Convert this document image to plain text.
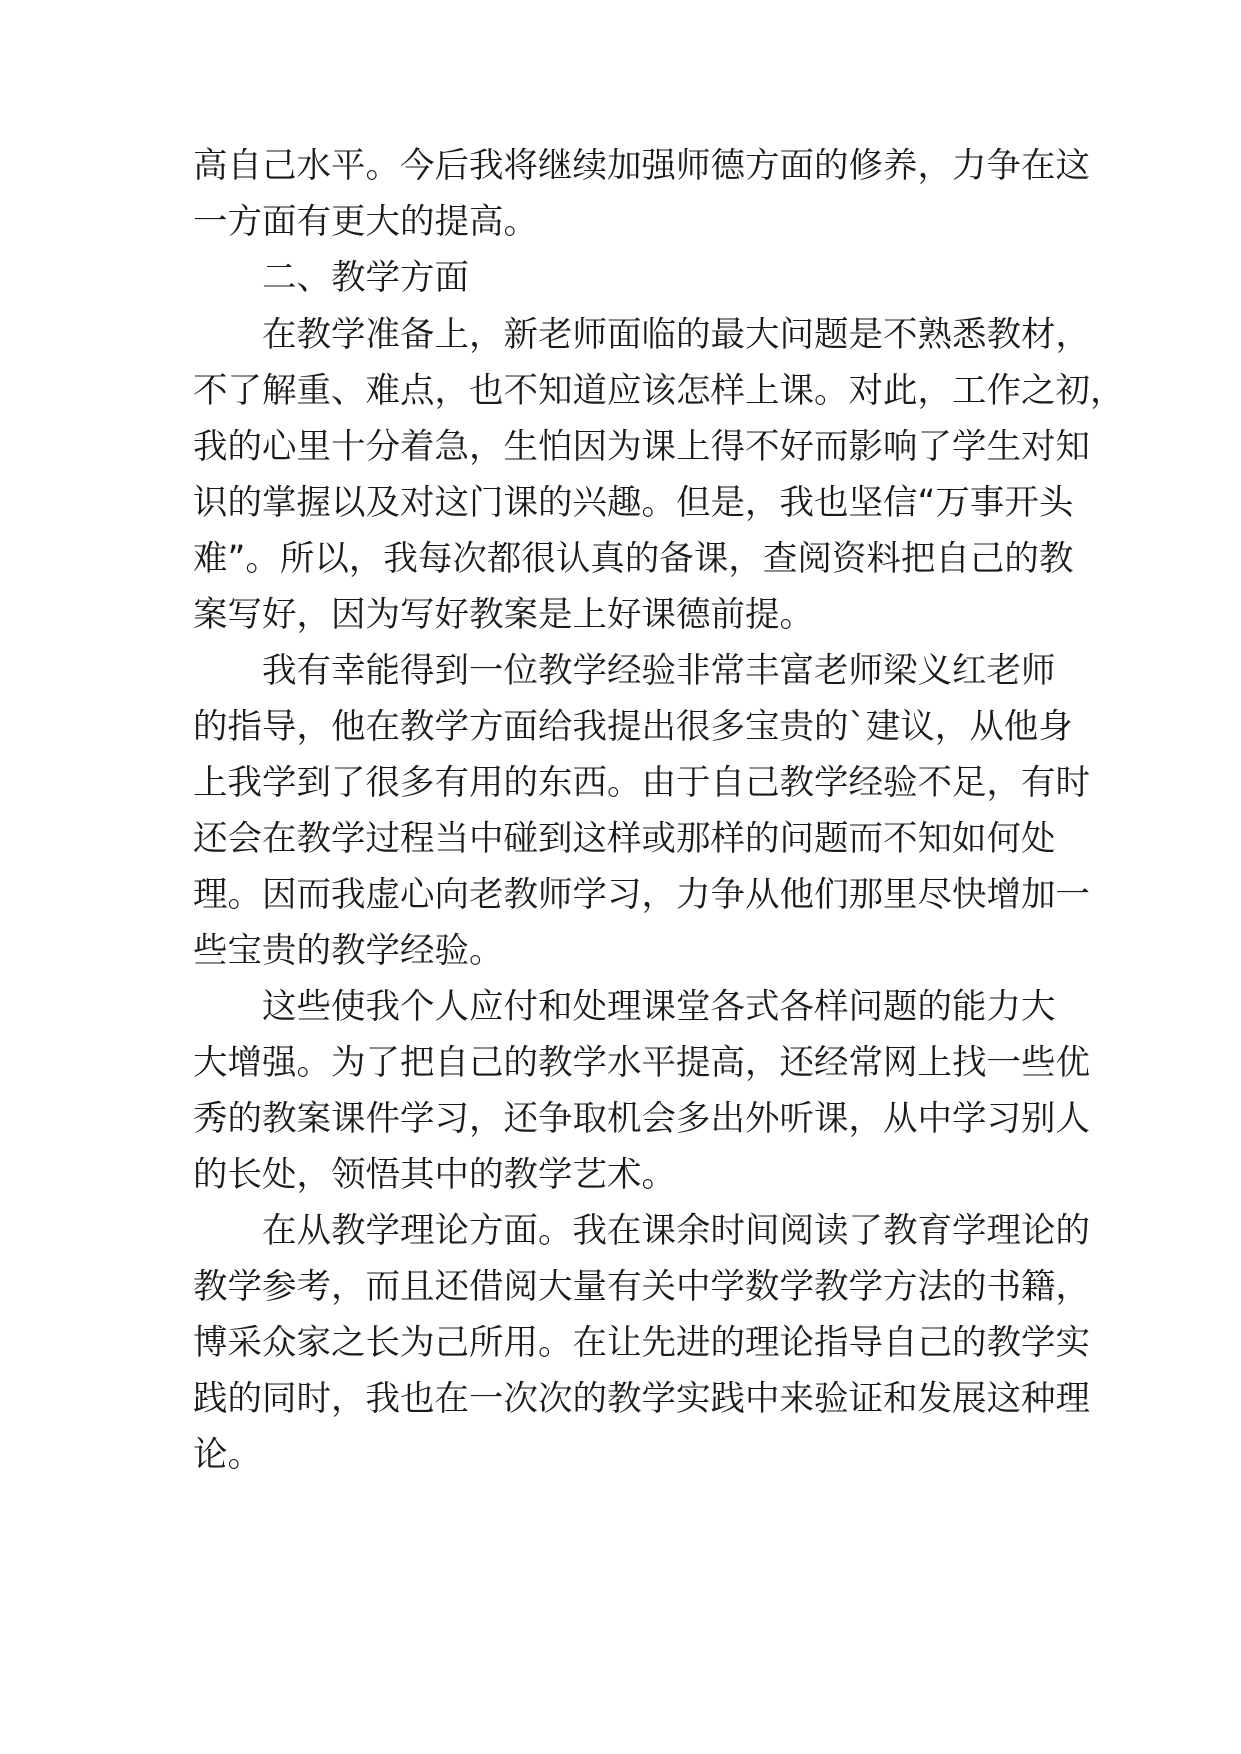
高自己水平。今后我将继续加强师德方面的修养，力争在这
一方面有更大的提高。
二、教学方面
在教学准备上，新老师面临的最大问题是不熟悉教材，
不了解重、难点，也不知道应该怎样上课。对此，工作之初，
我的心里十分着急，生怕因为课上得不好而影响了学生对知
识的掌握以及对这门课的兴趣。但是，我也坚信“万事开头
难”。所以，我每次都很认真的备课，查阅资料把自己的教
案写好，因为写好教案是上好课德前提。
我有幸能得到一位教学经验非常丰富老师梁义红老师
的指导，他在教学方面给我提出很多宝贵的`建议，从他身
上我学到了很多有用的东西。由于自己教学经验不足，有时
还会在教学过程当中碰到这样或那样的问题而不知如何处
理。因而我虚心向老教师学习，力争从他们那里尽快增加一
些宝贵的教学经验。
这些使我个人应付和处理课堂各式各样问题的能力大
大增强。为了把自己的教学水平提高，还经常网上找一些优
秀的教案课件学习，还争取机会多出外听课，从中学习别人
的长处，领悟其中的教学艺术。
在从教学理论方面。我在课余时间阅读了教育学理论的
教学参考，而且还借阅大量有关中学数学教学方法的书籍，
博采众家之长为己所用。在让先进的理论指导自己的教学实
践的同时，我也在一次次的教学实践中来验证和发展这种理
论。
